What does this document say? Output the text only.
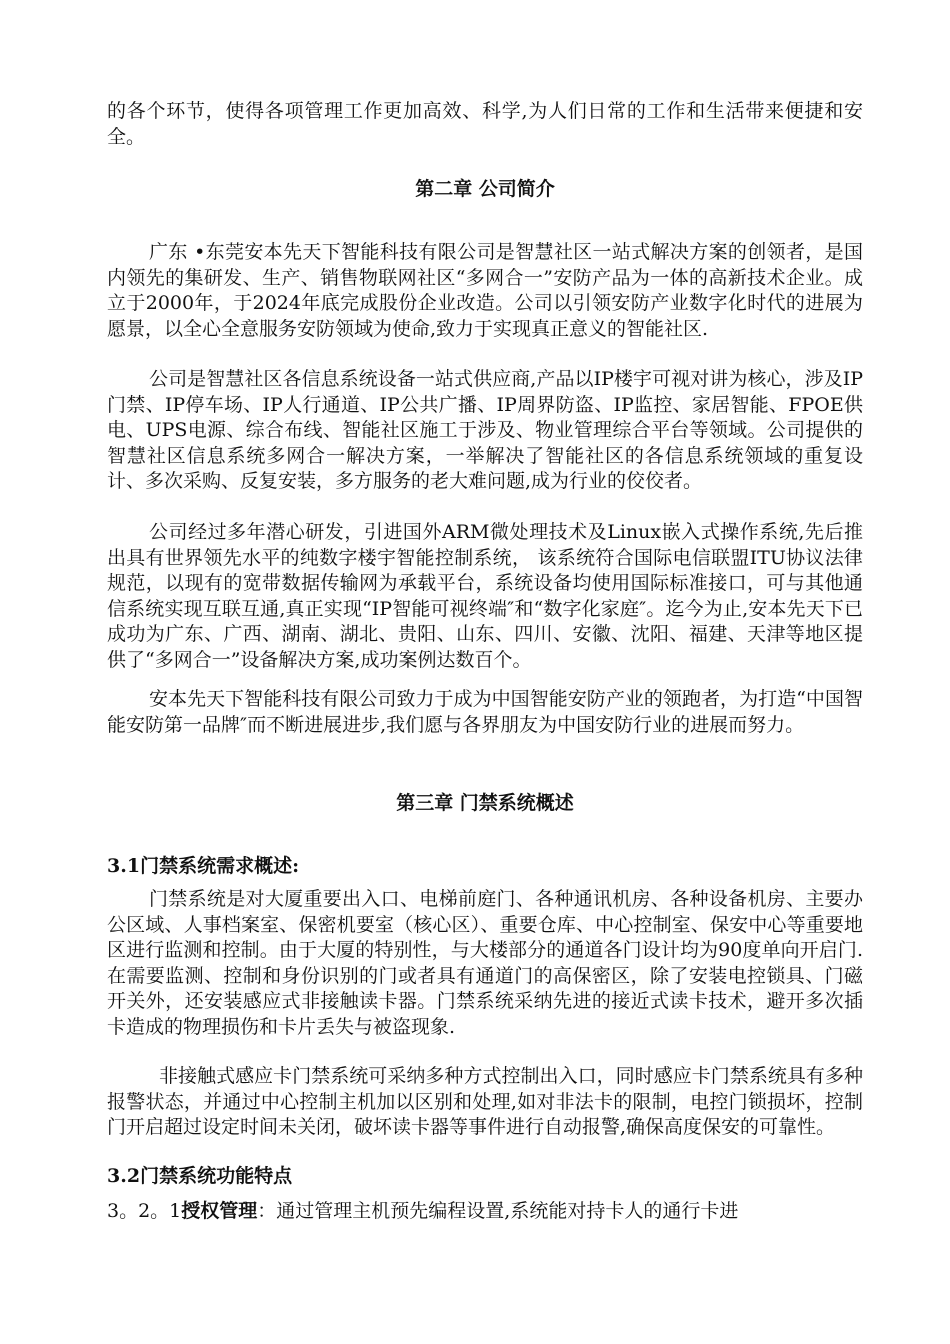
的各个环节，使得各项管理工作更加高效、科学,为人们日常的工作和生活带来便捷和安全。

第二章 公司简介

广东 •东莞安本先天下智能科技有限公司是智慧社区一站式解决方案的创领者，是国内领先的集研发、生产、销售物联网社区“多网合一”安防产品为一体的高新技术企业。成立于2000年，于2024年底完成股份企业改造。公司以引领安防产业数字化时代的进展为愿景，以全心全意服务安防领域为使命,致力于实现真正意义的智能社区.

公司是智慧社区各信息系统设备一站式供应商,产品以IP楼宇可视对讲为核心，涉及IP门禁、IP停车场、IP人行通道、IP公共广播、IP周界防盗、IP监控、家居智能、FPOE供电、UPS电源、综合布线、智能社区施工于涉及、物业管理综合平台等领域。公司提供的智慧社区信息系统多网合一解决方案，一举解决了智能社区的各信息系统领域的重复设计、多次采购、反复安装，多方服务的老大难问题,成为行业的佼佼者。

公司经过多年潜心研发，引进国外ARM微处理技术及Linux嵌入式操作系统,先后推出具有世界领先水平的纯数字楼宇智能控制系统， 该系统符合国际电信联盟ITU协议法律规范，以现有的宽带数据传输网为承载平台，系统设备均使用国际标准接口，可与其他通信系统实现互联互通,真正实现“IP智能可视终端″和“数字化家庭″。迄今为止,安本先天下已成功为广东、广西、湖南、湖北、贵阳、山东、四川、安徽、沈阳、福建、天津等地区提供了“多网合一”设备解决方案,成功案例达数百个。

安本先天下智能科技有限公司致力于成为中国智能安防产业的领跑者，为打造“中国智能安防第一品牌″而不断进展进步,我们愿与各界朋友为中国安防行业的进展而努力。

第三章 门禁系统概述
3.1门禁系统需求概述:

门禁系统是对大厦重要出入口、电梯前庭门、各种通讯机房、各种设备机房、主要办公区域、人事档案室、保密机要室（核心区）、重要仓库、中心控制室、保安中心等重要地区进行监测和控制。由于大厦的特别性，与大楼部分的通道各门设计均为90度单向开启门.在需要监测、控制和身份识别的门或者具有通道门的高保密区，除了安装电控锁具、门磁开关外，还安装感应式非接触读卡器。门禁系统采纳先进的接近式读卡技术，避开多次插卡造成的物理损伤和卡片丢失与被盗现象.

非接触式感应卡门禁系统可采纳多种方式控制出入口，同时感应卡门禁系统具有多种报警状态，并通过中心控制主机加以区别和处理,如对非法卡的限制，电控门锁损坏，控制门开启超过设定时间未关闭，破坏读卡器等事件进行自动报警,确保高度保安的可靠性。

3.2门禁系统功能特点

3。2。1授权管理：通过管理主机预先编程设置,系统能对持卡人的通行卡进
